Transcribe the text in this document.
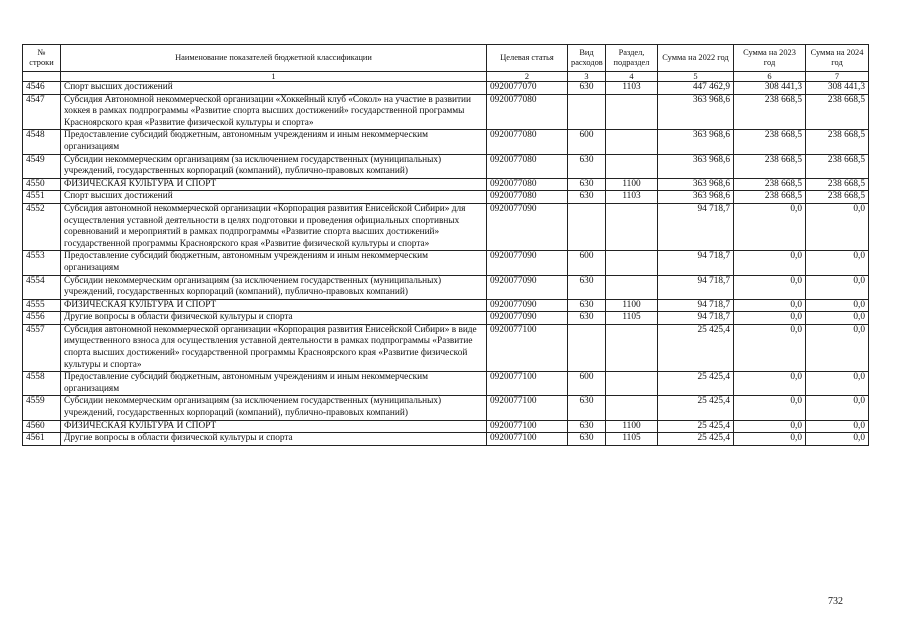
№ строки	Наименование показателей бюджетной классификации	Целевая статья	Вид расходов	Раздел, подраздел	Сумма на 2022 год	Сумма на 2023 год	Сумма на 2024 год
	1	2	3	4	5	6	7
4546	Спорт высших достижений	0920077070	630	1103	447 462,9	308 441,3	308 441,3
4547	Субсидия Автономной некоммерческой организации «Хоккейный клуб «Сокол» на участие в развитии хоккея в рамках подпрограммы «Развитие спорта высших достижений» государственной программы Красноярского края «Развитие физической культуры и спорта»	0920077080			363 968,6	238 668,5	238 668,5
4548	Предоставление субсидий бюджетным, автономным учреждениям и иным некоммерческим организациям	0920077080	600		363 968,6	238 668,5	238 668,5
4549	Субсидии некоммерческим организациям (за исключением государственных (муниципальных) учреждений, государственных корпораций (компаний), публично-правовых компаний)	0920077080	630		363 968,6	238 668,5	238 668,5
4550	ФИЗИЧЕСКАЯ КУЛЬТУРА И СПОРТ	0920077080	630	1100	363 968,6	238 668,5	238 668,5
4551	Спорт высших достижений	0920077080	630	1103	363 968,6	238 668,5	238 668,5
4552	Субсидия автономной некоммерческой организации «Корпорация развития Енисейской Сибири» для осуществления уставной деятельности в целях подготовки и проведения официальных спортивных соревнований и мероприятий в рамках подпрограммы «Развитие спорта высших достижений» государственной программы Красноярского края «Развитие физической культуры и спорта»	0920077090			94 718,7	0,0	0,0
4553	Предоставление субсидий бюджетным, автономным учреждениям и иным некоммерческим организациям	0920077090	600		94 718,7	0,0	0,0
4554	Субсидии некоммерческим организациям (за исключением государственных (муниципальных) учреждений, государственных корпораций (компаний), публично-правовых компаний)	0920077090	630		94 718,7	0,0	0,0
4555	ФИЗИЧЕСКАЯ КУЛЬТУРА И СПОРТ	0920077090	630	1100	94 718,7	0,0	0,0
4556	Другие вопросы в области физической культуры и спорта	0920077090	630	1105	94 718,7	0,0	0,0
4557	Субсидия автономной некоммерческой организации «Корпорация развития Енисейской Сибири» в виде имущественного взноса для осуществления уставной деятельности в рамках подпрограммы «Развитие спорта высших достижений» государственной программы Красноярского края «Развитие физической культуры и спорта»	0920077100			25 425,4	0,0	0,0
4558	Предоставление субсидий бюджетным, автономным учреждениям и иным некоммерческим организациям	0920077100	600		25 425,4	0,0	0,0
4559	Субсидии некоммерческим организациям (за исключением государственных (муниципальных) учреждений, государственных корпораций (компаний), публично-правовых компаний)	0920077100	630		25 425,4	0,0	0,0
4560	ФИЗИЧЕСКАЯ КУЛЬТУРА И СПОРТ	0920077100	630	1100	25 425,4	0,0	0,0
4561	Другие вопросы в области физической культуры и спорта	0920077100	630	1105	25 425,4	0,0	0,0
732
